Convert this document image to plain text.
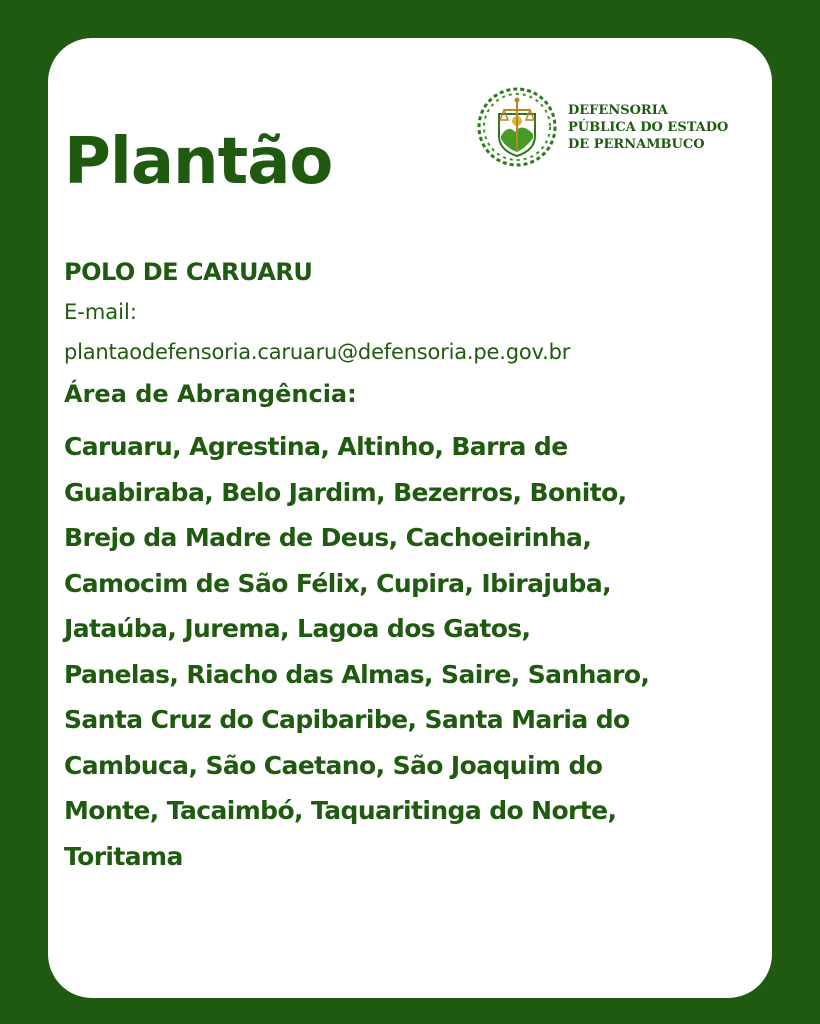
Plantão
DEFENSORIA
PÚBLICA DO ESTADO
DE PERNAMBUCO
POLO DE CARUARU
E-mail:
plantaodefensoria.caruaru@defensoria.pe.gov.br
Área de Abrangência:

Caruaru, Agrestina, Altinho, Barra de
Guabiraba, Belo Jardim, Bezerros, Bonito,
Brejo da Madre de Deus, Cachoeirinha,
Camocim de São Félix, Cupira, Ibirajuba,
Jataúba, Jurema, Lagoa dos Gatos,
Panelas, Riacho das Almas, Saire, Sanharo,
Santa Cruz do Capibaribe, Santa Maria do
Cambuca, São Caetano, São Joaquim do
Monte, Tacaimbó, Taquaritinga do Norte,
Toritama
